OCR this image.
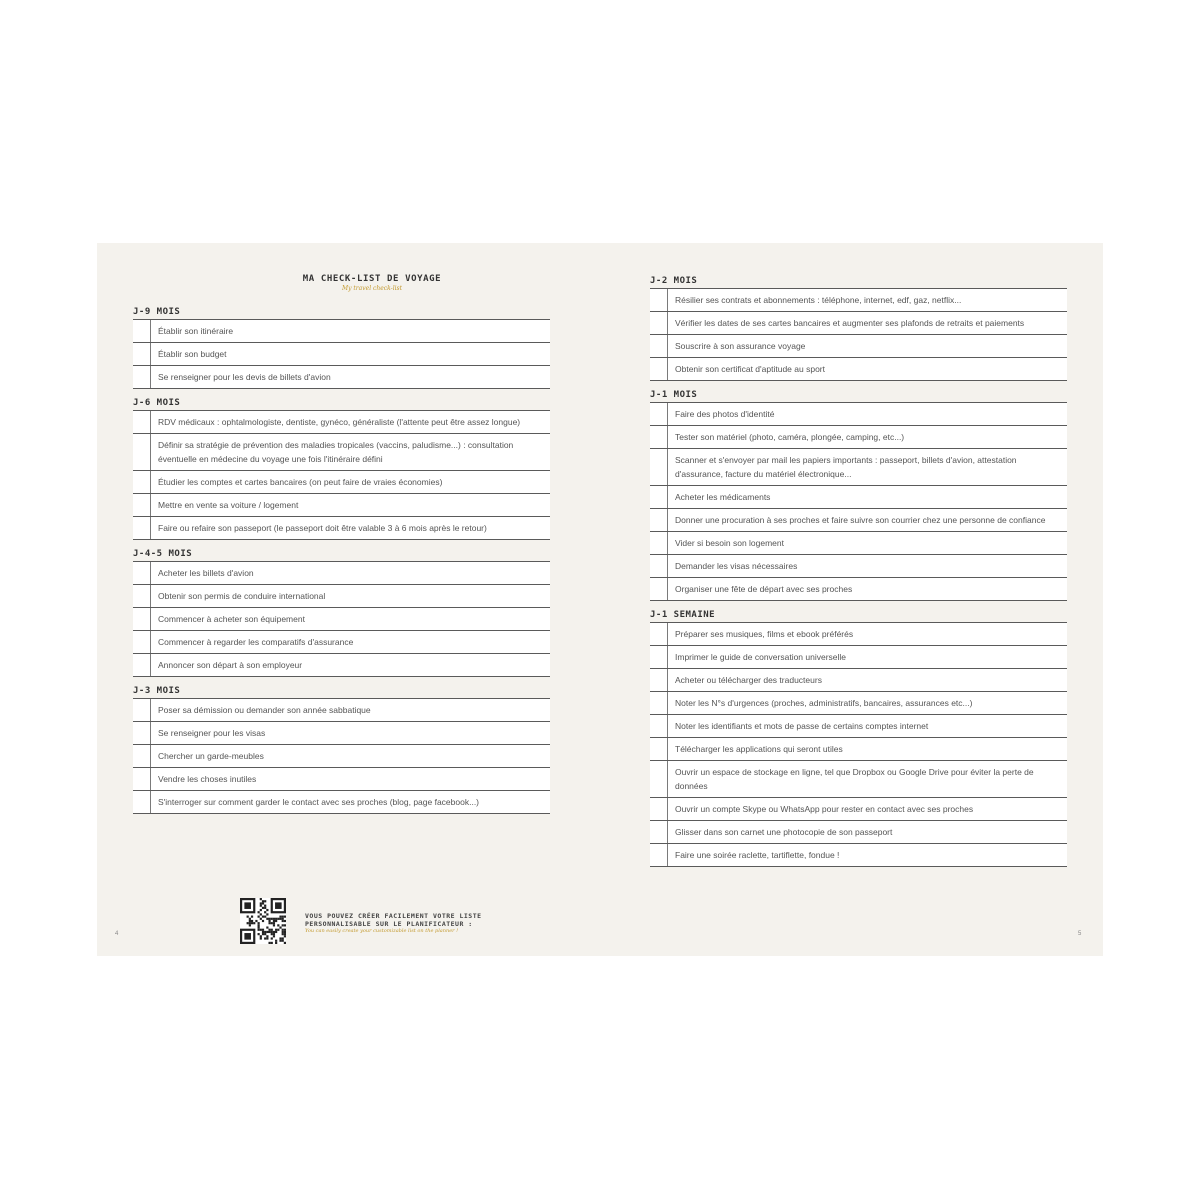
MA CHECK-LIST DE VOYAGE
My travel check-list
J-9 MOIS
Établir son itinéraire
Établir son budget
Se renseigner pour les devis de billets d'avion
J-6 MOIS
RDV médicaux : ophtalmologiste, dentiste, gynéco, généraliste (l'attente peut être assez longue)
Définir sa stratégie de prévention des maladies tropicales (vaccins, paludisme...) : consultation éventuelle en médecine du voyage une fois l'itinéraire défini
Étudier les comptes et cartes bancaires (on peut faire de vraies économies)
Mettre en vente sa voiture / logement
Faire ou refaire son passeport (le passeport doit être valable 3 à 6 mois après le retour)
J-4-5 MOIS
Acheter les billets d'avion
Obtenir son permis de conduire international
Commencer à acheter son équipement
Commencer à regarder les comparatifs d'assurance
Annoncer son départ à son employeur
J-3 MOIS
Poser sa démission ou demander son année sabbatique
Se renseigner pour les visas
Chercher un garde-meubles
Vendre les choses inutiles
S'interroger sur comment garder le contact avec ses proches (blog, page facebook...)
VOUS POUVEZ CRÉER FACILEMENT VOTRE LISTE
PERSONNALISABLE SUR LE PLANIFICATEUR :
You can easily create your customizable list on the planner !
4
J-2 MOIS
Résilier ses contrats et abonnements : téléphone, internet, edf, gaz, netflix...
Vérifier les dates de ses cartes bancaires et augmenter ses plafonds de retraits et paiements
Souscrire à son assurance voyage
Obtenir son certificat d'aptitude au sport
J-1 MOIS
Faire des photos d'identité
Tester son matériel (photo, caméra, plongée, camping, etc...)
Scanner et s'envoyer par mail les papiers importants : passeport, billets d'avion, attestation d'assurance, facture du matériel électronique...
Acheter les médicaments
Donner une procuration à ses proches et faire suivre son courrier chez une personne de confiance
Vider si besoin son logement
Demander les visas nécessaires
Organiser une fête de départ avec ses proches
J-1 SEMAINE
Préparer ses musiques, films et ebook préférés
Imprimer le guide de conversation universelle
Acheter ou télécharger des traducteurs
Noter les N°s d'urgences (proches, administratifs, bancaires, assurances etc...)
Noter les identifiants et mots de passe de certains comptes internet
Télécharger les applications qui seront utiles
Ouvrir un espace de stockage en ligne, tel que Dropbox ou Google Drive pour éviter la perte de données
Ouvrir un compte Skype ou WhatsApp pour rester en contact avec ses proches
Glisser dans son carnet une photocopie de son passeport
Faire une soirée raclette, tartiflette, fondue !
5
